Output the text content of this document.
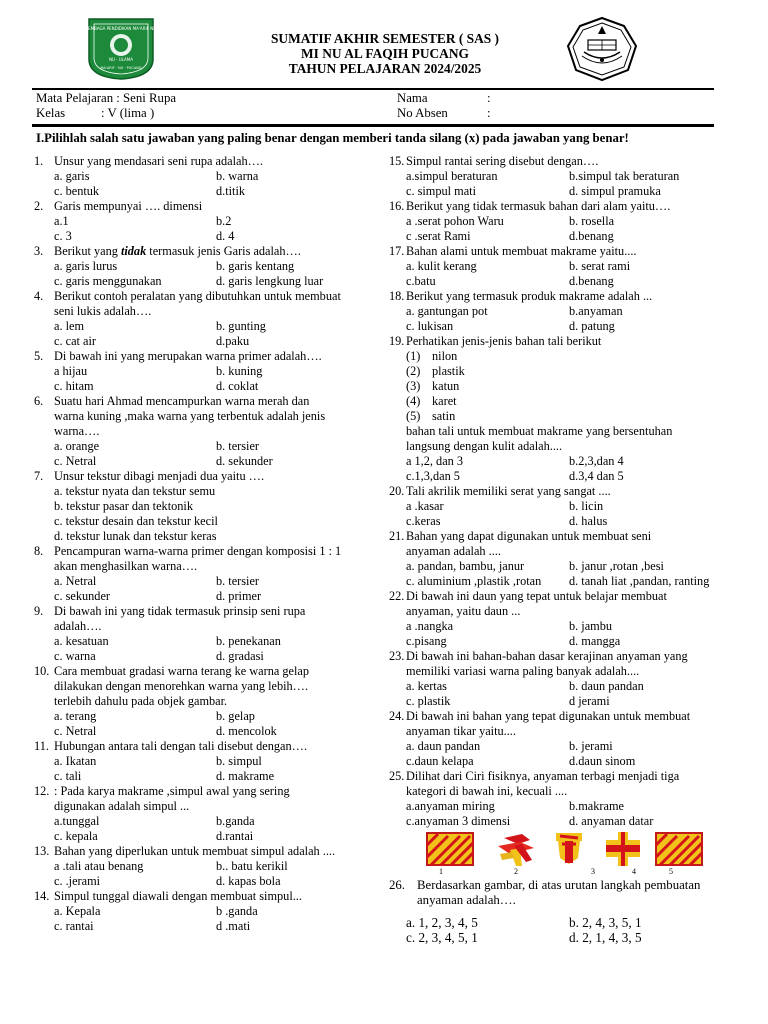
LEMBAGA PENDIDIKAN MA'ARIF NU
NU · ULAMA
MA'ARIF · NU · PUCANG
SUMATIF AKHIR SEMESTER ( SAS )
MI NU AL FAQIH PUCANG
TAHUN PELAJARAN 2024/2025
Mata Pelajaran : Seni Rupa
Kelas	: V (lima )
Nama	:
No Absen	:
I.Pilihlah salah satu jawaban yang paling benar dengan memberi tanda silang (x) pada jawaban yang benar!
1. Unsur yang mendasari seni rupa adalah….
a. garis	b. warna
c. bentuk	d.titik
2. Garis mempunyai …. dimensi
a.1	b.2
c. 3	d. 4
3. Berikut yang tidak termasuk jenis Garis adalah….
a. garis lurus	b. garis kentang
c. garis menggunakan	d. garis lengkung luar
4. Berikut contoh peralatan yang dibutuhkan untuk membuat
seni lukis adalah….
a. lem	b. gunting
c. cat air	d.paku
5. Di bawah ini yang merupakan warna primer adalah….
a hijau	b. kuning
c. hitam	d. coklat
6. Suatu hari Ahmad mencampurkan warna merah dan
warna kuning ,maka warna yang terbentuk adalah jenis
warna….
a. orange	b. tersier
c. Netral	d. sekunder
7. Unsur tekstur dibagi menjadi dua yaitu ….
a. tekstur nyata dan tekstur semu
b. tekstur pasar dan tektonik
c. tekstur desain dan tekstur kecil
d. tekstur lunak dan tekstur keras
8. Pencampuran warna-warna primer dengan komposisi 1 : 1
akan menghasilkan warna….
a. Netral	b. tersier
c. sekunder	d. primer
9. Di bawah ini yang tidak termasuk prinsip seni rupa
adalah….
a. kesatuan	b. penekanan
c. warna	d. gradasi
10. Cara membuat gradasi warna terang ke warna gelap
dilakukan dengan menorehkan warna yang lebih….
terlebih dahulu pada objek gambar.
a. terang	b. gelap
c. Netral	d. mencolok
11. Hubungan antara tali dengan tali disebut dengan….
a. Ikatan	b. simpul
c. tali	d. makrame
12. : Pada karya makrame ,simpul awal yang sering
digunakan adalah simpul ...
a.tunggal	b.ganda
c. kepala	d.rantai
13. Bahan yang diperlukan untuk membuat simpul adalah ....
a .tali atau benang	b.. batu kerikil
c. .jerami	d. kapas bola
14. Simpul tunggal diawali dengan membuat simpul...
a. Kepala	b .ganda
c. rantai	d .mati
15. Simpul rantai sering disebut dengan….
a.simpul beraturan	b.simpul tak beraturan
c. simpul mati	d. simpul pramuka
16. Berikut yang tidak termasuk bahan dari alam yaitu….
a .serat pohon Waru	b. rosella
c .serat Rami	d.benang
17. Bahan alami untuk membuat makrame yaitu....
a. kulit kerang	b. serat rami
c.batu	d.benang
18. Berikut yang termasuk produk makrame adalah ...
a. gantungan pot	b.anyaman
c. lukisan	d. patung
19. Perhatikan jenis-jenis bahan tali berikut
(1) nilon
(2) plastik
(3) katun
(4) karet
(5) satin
bahan tali untuk membuat makrame yang bersentuhan
langsung dengan kulit adalah....
a 1,2, dan 3	b.2,3,dan 4
c.1,3,dan 5	d.3,4 dan 5
20. Tali akrilik memiliki serat yang sangat ....
a .kasar	b. licin
c.keras	d. halus
21. Bahan yang dapat digunakan untuk membuat seni
anyaman adalah ....
a. pandan, bambu, janur	b. janur ,rotan ,besi
c. aluminium ,plastik ,rotan d. tanah liat ,pandan, ranting
22. Di bawah ini daun yang tepat untuk belajar membuat
anyaman, yaitu daun ...
a .nangka	b. jambu
c.pisang	d. mangga
23. Di bawah ini bahan-bahan dasar kerajinan anyaman yang
memiliki variasi warna paling banyak adalah....
a. kertas	b. daun pandan
c. plastik	d jerami
24. Di bawah ini bahan yang tepat digunakan untuk membuat
anyaman tikar yaitu....
a. daun pandan	b. jerami
c.daun kelapa	d.daun sinom
25. Dilihat dari Ciri fisiknya, anyaman terbagi menjadi tiga
kategori di bawah ini, kecuali ....
a.anyaman miring	b.makrame
c.anyaman 3 dimensi	d. anyaman datar
1	2	3	4	5
26. Berdasarkan gambar, di atas urutan langkah pembuatan
anyaman adalah….
a. 1, 2, 3, 4, 5	b. 2, 4, 3, 5, 1
c. 2, 3, 4, 5, 1	d. 2, 1, 4, 3, 5
